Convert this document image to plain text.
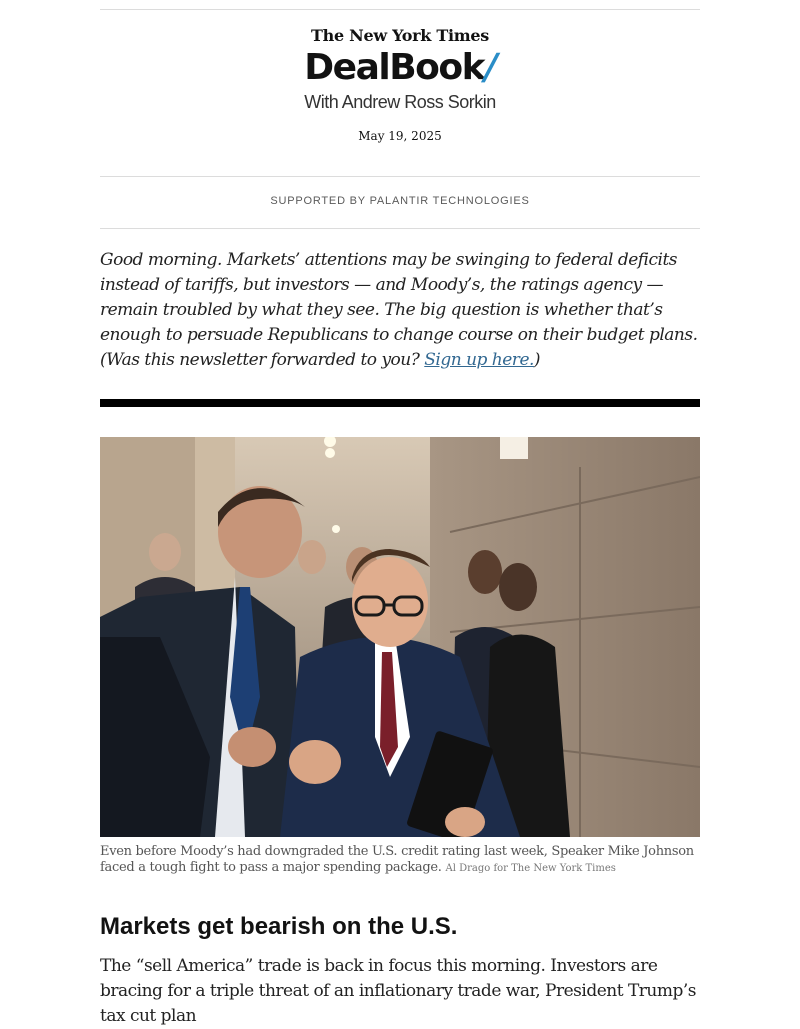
The New York Times
DealBook/
With Andrew Ross Sorkin
May 19, 2025
SUPPORTED BY PALANTIR TECHNOLOGIES

Good morning. Markets’ attentions may be swinging to federal deficits instead of tariffs, but investors — and Moody’s, the ratings agency — remain troubled by what they see. The big question is whether that’s enough to persuade Republicans to change course on their budget plans. (Was this newsletter forwarded to you? Sign up here.)

Even before Moody’s had downgraded the U.S. credit rating last week, Speaker Mike Johnson faced a tough fight to pass a major spending package. Al Drago for The New York Times
Markets get bearish on the U.S.

The “sell America” trade is back in focus this morning. Investors are bracing for a triple threat of an inflationary trade war, President Trump’s tax cut plan
